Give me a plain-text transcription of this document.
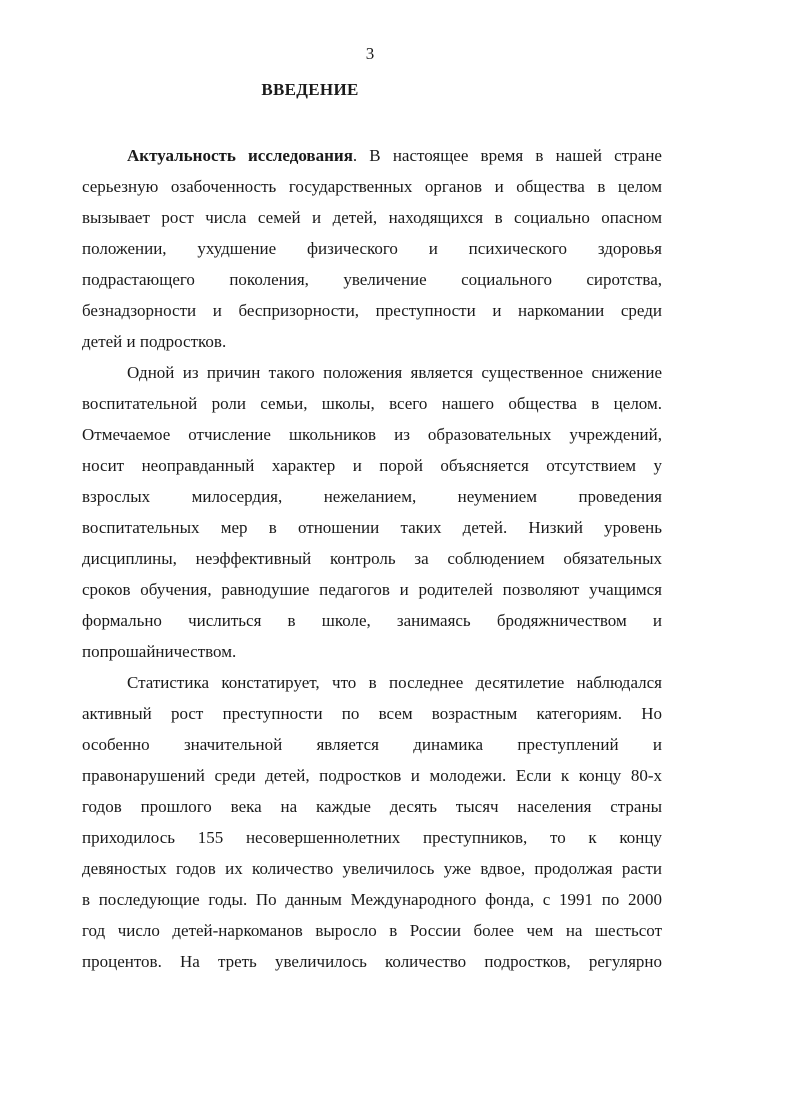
3
ВВЕДЕНИЕ
Актуальность исследования. В настоящее время в нашей стране
серьезную озабоченность государственных органов и общества в целом
вызывает рост числа семей и детей, находящихся в социально опасном
положении, ухудшение физического и психического здоровья
подрастающего поколения, увеличение социального сиротства,
безнадзорности и беспризорности, преступности и наркомании среди
детей и подростков.
Одной из причин такого положения является существенное снижение
воспитательной роли семьи, школы, всего нашего общества в целом.
Отмечаемое отчисление школьников из образовательных учреждений,
носит неоправданный характер и порой объясняется отсутствием у
взрослых милосердия, нежеланием, неумением проведения
воспитательных мер в отношении таких детей. Низкий уровень
дисциплины, неэффективный контроль за соблюдением обязательных
сроков обучения, равнодушие педагогов и родителей позволяют учащимся
формально числиться в школе, занимаясь бродяжничеством и
попрошайничеством.
Статистика констатирует, что в последнее десятилетие наблюдался
активный рост преступности по всем возрастным категориям. Но
особенно значительной является динамика преступлений и
правонарушений среди детей, подростков и молодежи. Если к концу 80-х
годов прошлого века на каждые десять тысяч населения страны
приходилось 155 несовершеннолетних преступников, то к концу
девяностых годов их количество увеличилось уже вдвое, продолжая расти
в последующие годы. По данным Международного фонда, с 1991 по 2000
год число детей-наркоманов выросло в России более чем на шестьсот
процентов. На треть увеличилось количество подростков, регулярно
